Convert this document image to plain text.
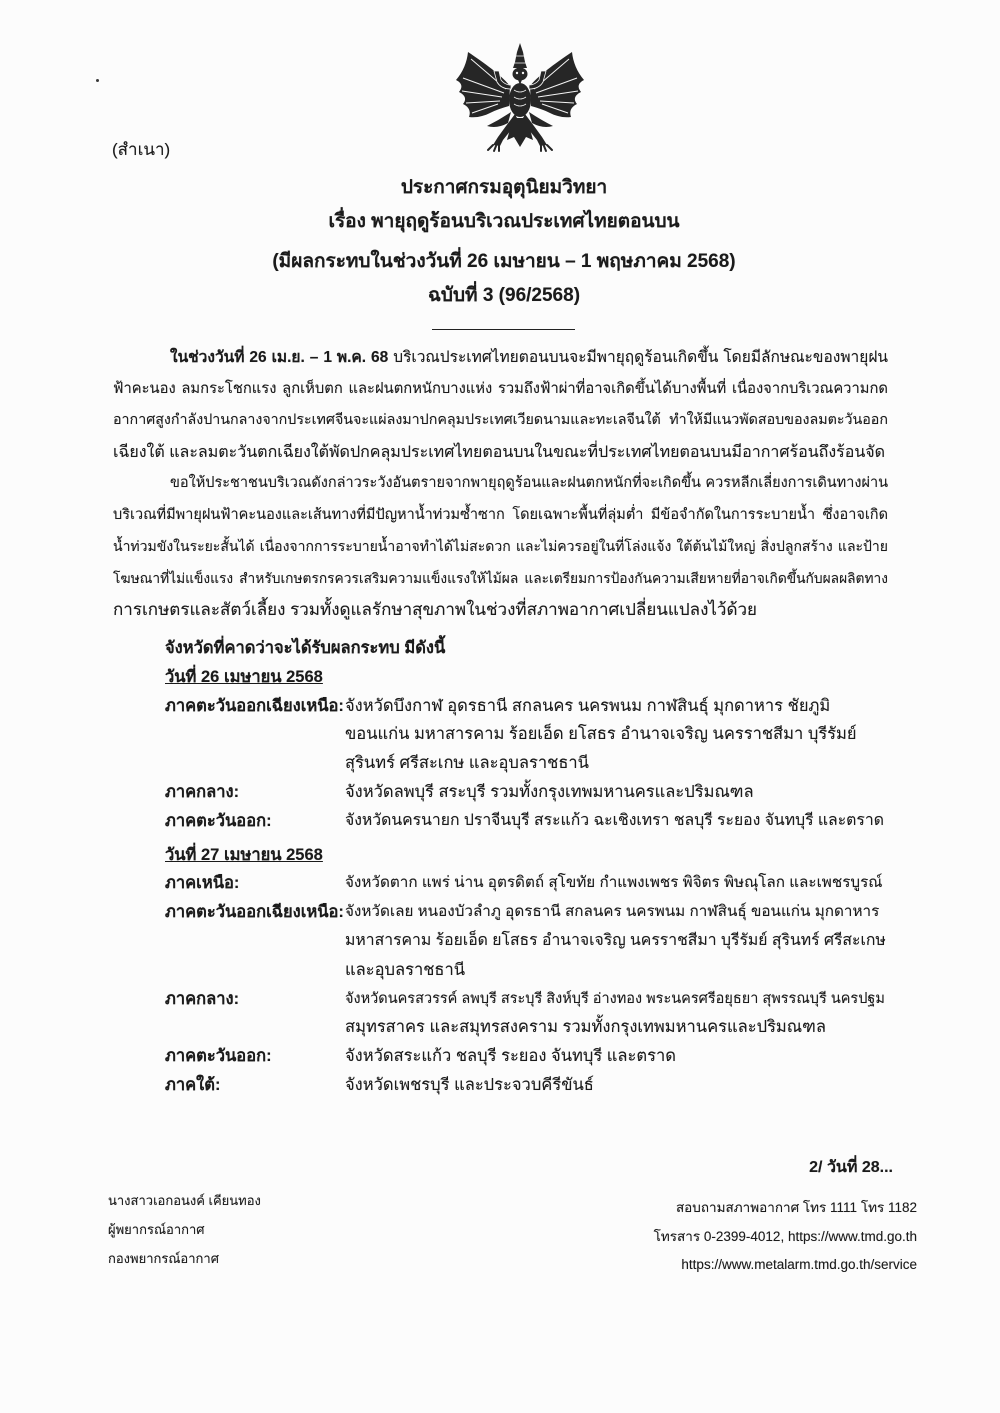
(สำเนา)
ประกาศกรมอุตุนิยมวิทยา
เรื่อง พายุฤดูร้อนบริเวณประเทศไทยตอนบน
(มีผลกระทบในช่วงวันที่ 26 เมษายน – 1 พฤษภาคม 2568)
ฉบับที่ 3 (96/2568)
ในช่วงวันที่ 26 เม.ย. – 1 พ.ค. 68 บริเวณประเทศไทยตอนบนจะมีพายุฤดูร้อนเกิดขึ้น โดยมีลักษณะของพายุฝน
ฟ้าคะนอง ลมกระโชกแรง ลูกเห็บตก และฝนตกหนักบางแห่ง รวมถึงฟ้าผ่าที่อาจเกิดขึ้นได้บางพื้นที่ เนื่องจากบริเวณความกด
อากาศสูงกำลังปานกลางจากประเทศจีนจะแผ่ลงมาปกคลุมประเทศเวียดนามและทะเลจีนใต้ ทำให้มีแนวพัดสอบของลมตะวันออก
เฉียงใต้ และลมตะวันตกเฉียงใต้พัดปกคลุมประเทศไทยตอนบนในขณะที่ประเทศไทยตอนบนมีอากาศร้อนถึงร้อนจัด
ขอให้ประชาชนบริเวณดังกล่าวระวังอันตรายจากพายุฤดูร้อนและฝนตกหนักที่จะเกิดขึ้น ควรหลีกเลี่ยงการเดินทางผ่าน
บริเวณที่มีพายุฝนฟ้าคะนองและเส้นทางที่มีปัญหาน้ำท่วมซ้ำซาก โดยเฉพาะพื้นที่ลุ่มต่ำ มีข้อจำกัดในการระบายน้ำ ซึ่งอาจเกิด
น้ำท่วมขังในระยะสั้นได้ เนื่องจากการระบายน้ำอาจทำได้ไม่สะดวก และไม่ควรอยู่ในที่โล่งแจ้ง ใต้ต้นไม้ใหญ่ สิ่งปลูกสร้าง และป้าย
โฆษณาที่ไม่แข็งแรง สำหรับเกษตรกรควรเสริมความแข็งแรงให้ไม้ผล และเตรียมการป้องกันความเสียหายที่อาจเกิดขึ้นกับผลผลิตทาง
การเกษตรและสัตว์เลี้ยง รวมทั้งดูแลรักษาสุขภาพในช่วงที่สภาพอากาศเปลี่ยนแปลงไว้ด้วย
จังหวัดที่คาดว่าจะได้รับผลกระทบ มีดังนี้
วันที่ 26 เมษายน 2568
ภาคตะวันออกเฉียงเหนือ: จังหวัดบึงกาฬ อุดรธานี สกลนคร นครพนม กาฬสินธุ์ มุกดาหาร ชัยภูมิ
ขอนแก่น มหาสารคาม ร้อยเอ็ด ยโสธร อำนาจเจริญ นครราชสีมา บุรีรัมย์
สุรินทร์ ศรีสะเกษ และอุบลราชธานี
ภาคกลาง:	จังหวัดลพบุรี สระบุรี รวมทั้งกรุงเทพมหานครและปริมณฑล
ภาคตะวันออก:	จังหวัดนครนายก ปราจีนบุรี สระแก้ว ฉะเชิงเทรา ชลบุรี ระยอง จันทบุรี และตราด
วันที่ 27 เมษายน 2568
ภาคเหนือ:	จังหวัดตาก แพร่ น่าน อุตรดิตถ์ สุโขทัย กำแพงเพชร พิจิตร พิษณุโลก และเพชรบูรณ์
ภาคตะวันออกเฉียงเหนือ: จังหวัดเลย หนองบัวลำภู อุดรธานี สกลนคร นครพนม กาฬสินธุ์ ขอนแก่น มุกดาหาร
มหาสารคาม ร้อยเอ็ด ยโสธร อำนาจเจริญ นครราชสีมา บุรีรัมย์ สุรินทร์ ศรีสะเกษ
และอุบลราชธานี
ภาคกลาง:	จังหวัดนครสวรรค์ ลพบุรี สระบุรี สิงห์บุรี อ่างทอง พระนครศรีอยุธยา สุพรรณบุรี นครปฐม
สมุทรสาคร และสมุทรสงคราม รวมทั้งกรุงเทพมหานครและปริมณฑล
ภาคตะวันออก:	จังหวัดสระแก้ว ชลบุรี ระยอง จันทบุรี และตราด
ภาคใต้:	จังหวัดเพชรบุรี และประจวบคีรีขันธ์
2/ วันที่ 28...
นางสาวเอกอนงค์ เคียนทอง
ผู้พยากรณ์อากาศ
กองพยากรณ์อากาศ
สอบถามสภาพอากาศ โทร 1111 โทร 1182
โทรสาร 0-2399-4012, https://www.tmd.go.th
https://www.metalarm.tmd.go.th/service
